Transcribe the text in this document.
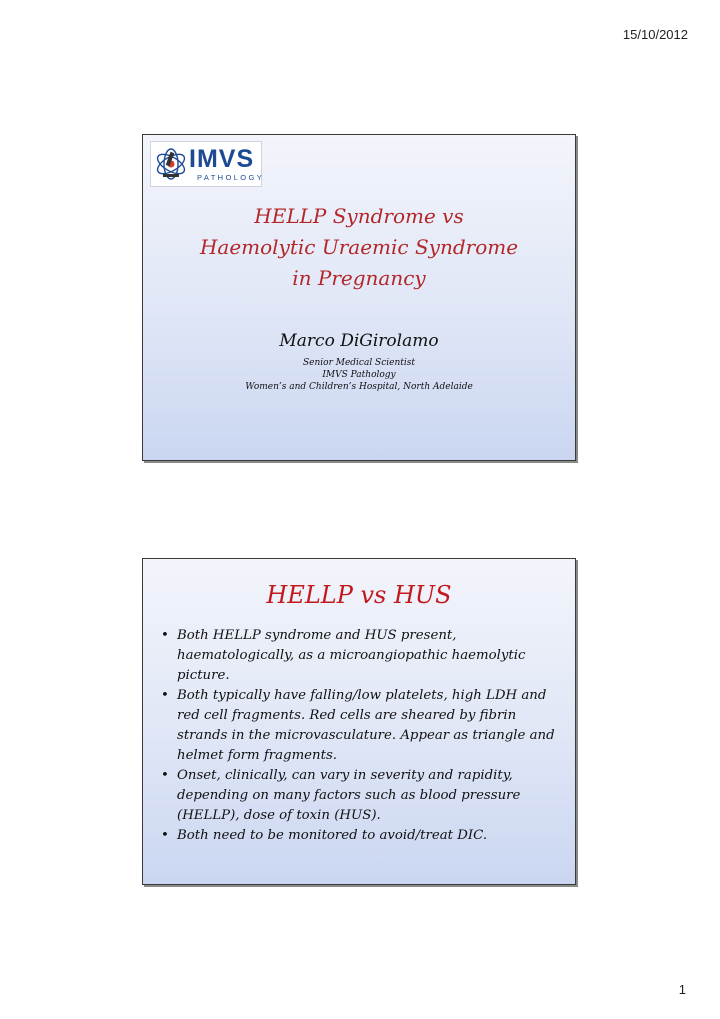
15/10/2012
IMVS
PATHOLOGY
HELLP Syndrome vs
Haemolytic Uraemic Syndrome
in Pregnancy
Marco DiGirolamo
Senior Medical Scientist
IMVS Pathology
Women’s and Children’s Hospital, North Adelaide
HELLP vs HUS
• Both HELLP syndrome and HUS present, haematologically, as a microangiopathic haemolytic picture.
• Both typically have falling/low platelets, high LDH and red cell fragments. Red cells are sheared by fibrin strands in the microvasculature. Appear as triangle and helmet form fragments.
• Onset, clinically, can vary in severity and rapidity, depending on many factors such as blood pressure (HELLP), dose of toxin (HUS).
• Both need to be monitored to avoid/treat DIC.
1
